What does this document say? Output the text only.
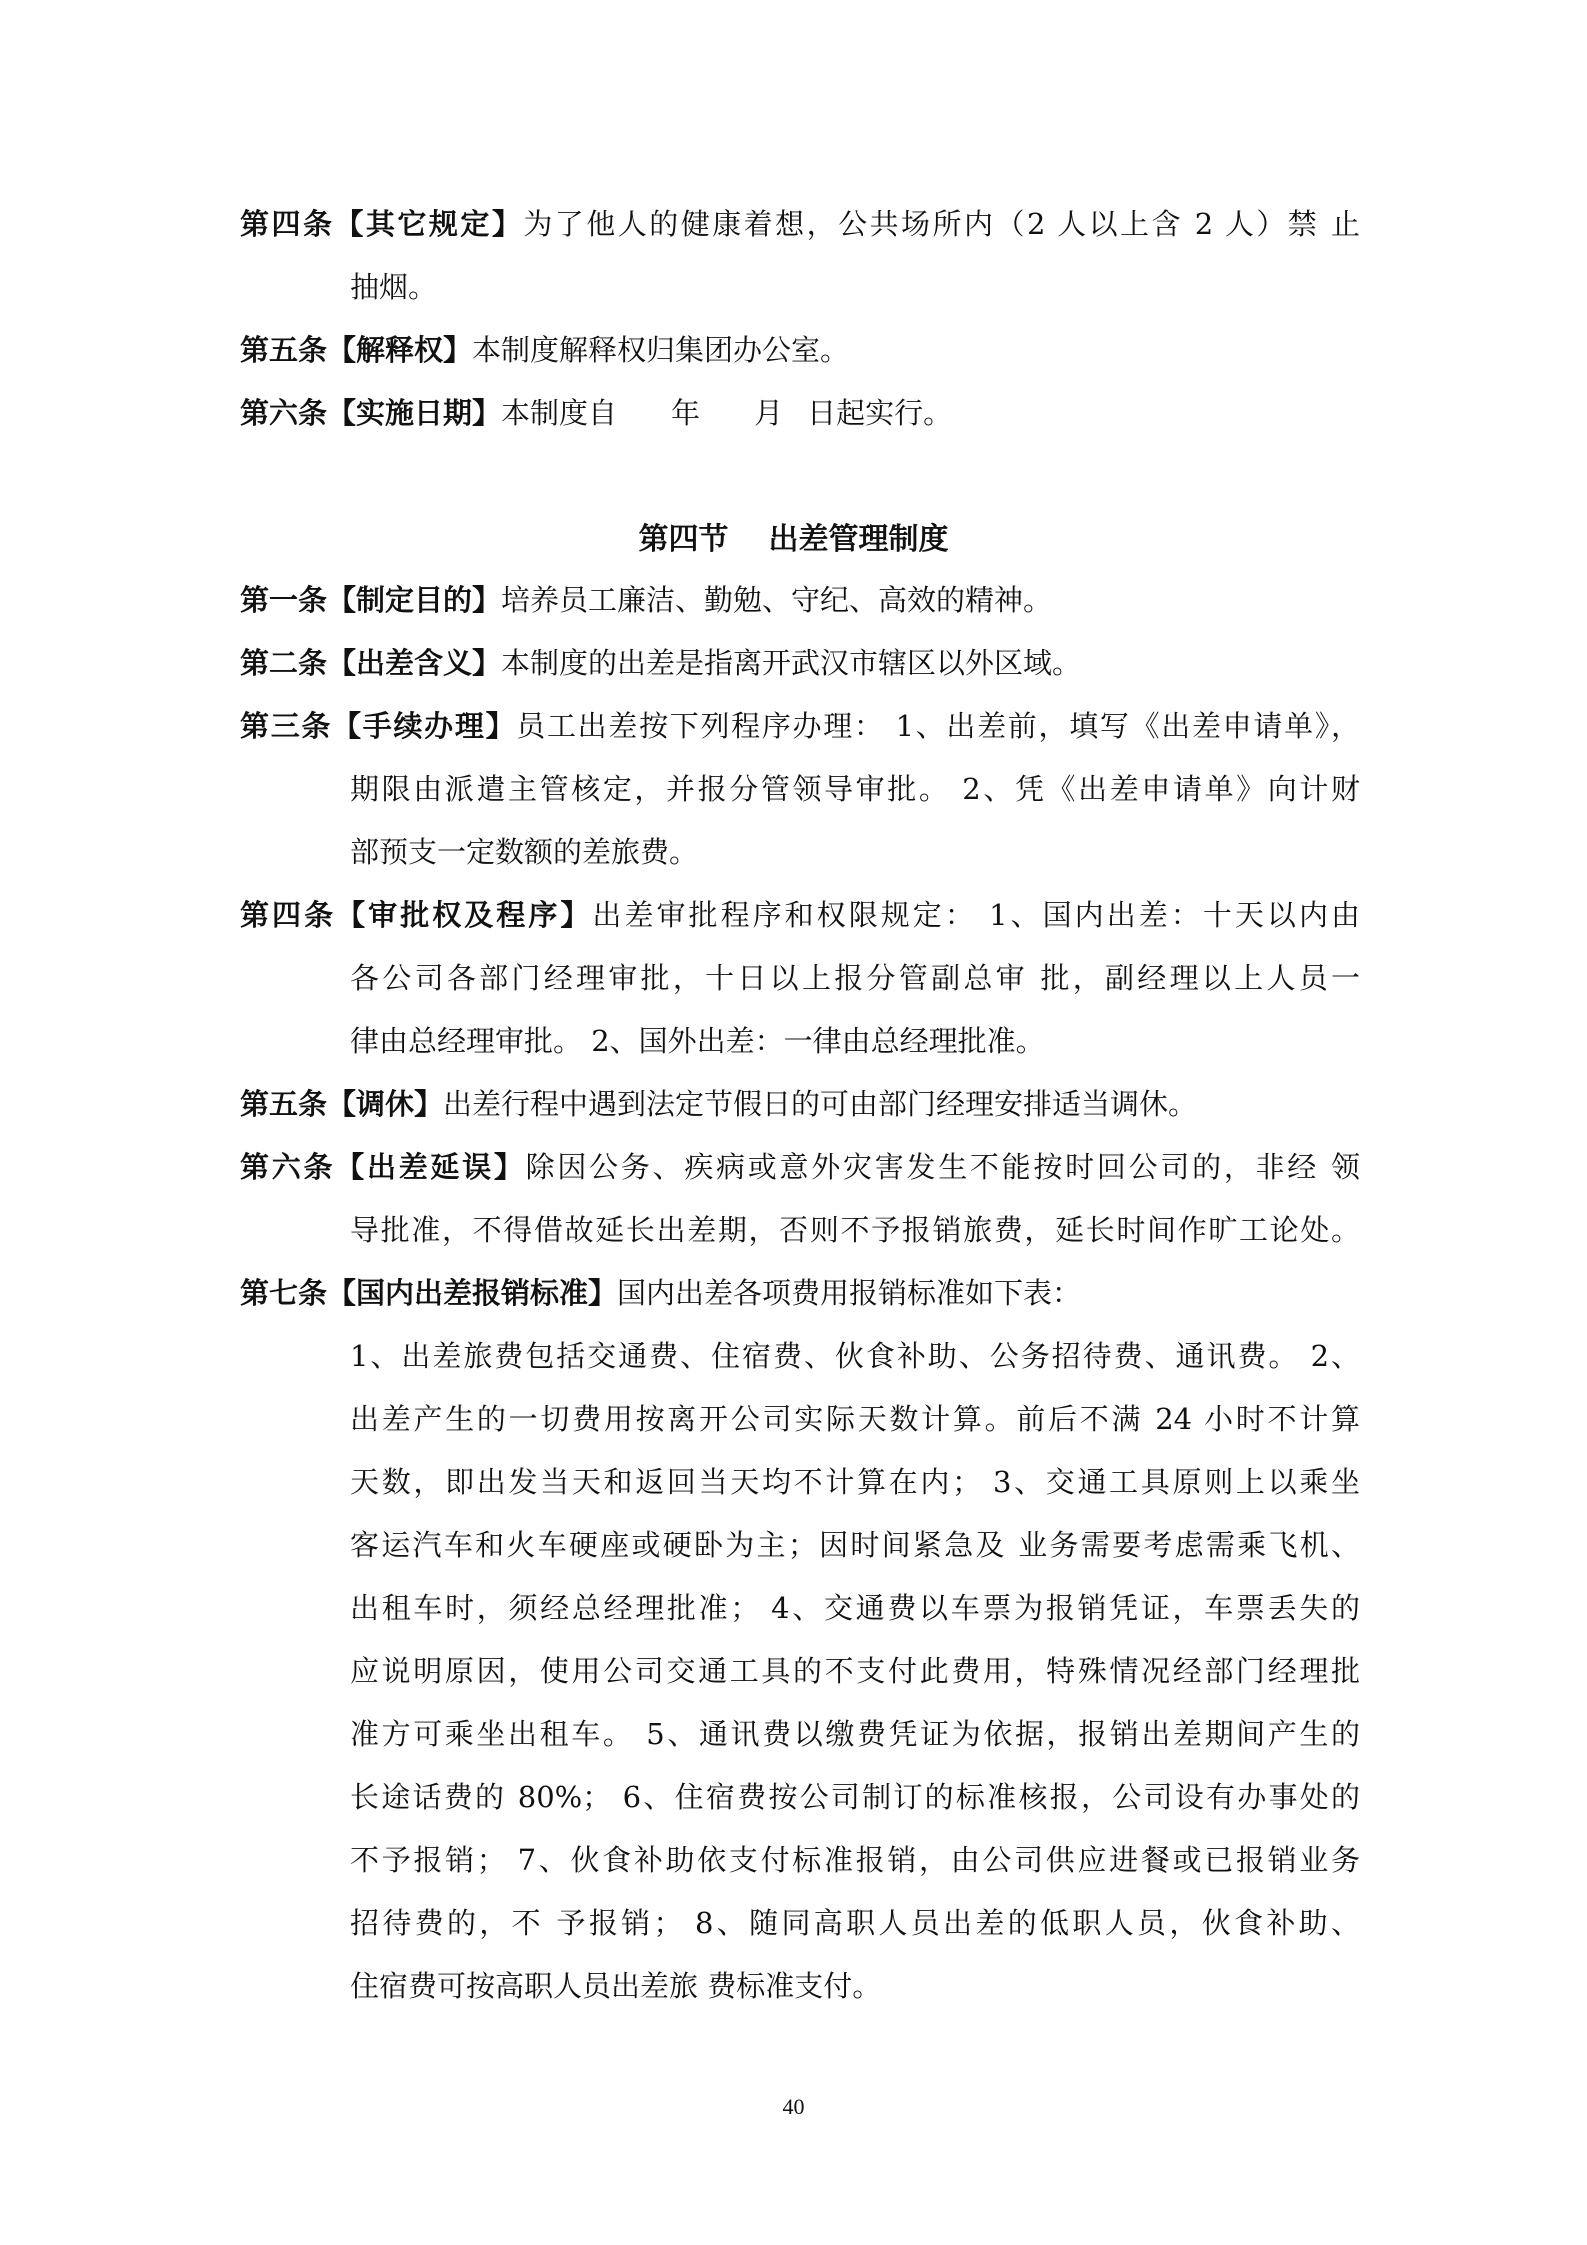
第四条【其它规定】为了他人的健康着想，公共场所内（2 人以上含 2 人）禁 止
抽烟。
第五条【解释权】本制度解释权归集团办公室。
第六条【实施日期】本制度自 年 月 日起实行。
第四节 出差管理制度
第一条【制定目的】培养员工廉洁、勤勉、守纪、高效的精神。
第二条【出差含义】本制度的出差是指离开武汉市辖区以外区域。
第三条【手续办理】员工出差按下列程序办理： 1、出差前，填写《出差申请单》，
期限由派遣主管核定，并报分管领导审批。 2、凭《出差申请单》向计财
部预支一定数额的差旅费。
第四条【审批权及程序】出差审批程序和权限规定： 1、国内出差：十天以内由
各公司各部门经理审批，十日以上报分管副总审 批，副经理以上人员一
律由总经理审批。 2、国外出差：一律由总经理批准。
第五条【调休】出差行程中遇到法定节假日的可由部门经理安排适当调休。
第六条【出差延误】除因公务、疾病或意外灾害发生不能按时回公司的，非经 领
导批准，不得借故延长出差期，否则不予报销旅费，延长时间作旷工论处。
第七条【国内出差报销标准】国内出差各项费用报销标准如下表：
1、出差旅费包括交通费、住宿费、伙食补助、公务招待费、通讯费。 2、
出差产生的一切费用按离开公司实际天数计算。前后不满 24 小时不计算
天数，即出发当天和返回当天均不计算在内； 3、交通工具原则上以乘坐
客运汽车和火车硬座或硬卧为主；因时间紧急及 业务需要考虑需乘飞机、
出租车时，须经总经理批准； 4、交通费以车票为报销凭证，车票丢失的
应说明原因，使用公司交通工具的不支付此费用，特殊情况经部门经理批
准方可乘坐出租车。 5、通讯费以缴费凭证为依据，报销出差期间产生的
长途话费的 80%； 6、住宿费按公司制订的标准核报，公司设有办事处的
不予报销； 7、伙食补助依支付标准报销，由公司供应进餐或已报销业务
招待费的，不 予报销； 8、随同高职人员出差的低职人员，伙食补助、
住宿费可按高职人员出差旅 费标准支付。
40
